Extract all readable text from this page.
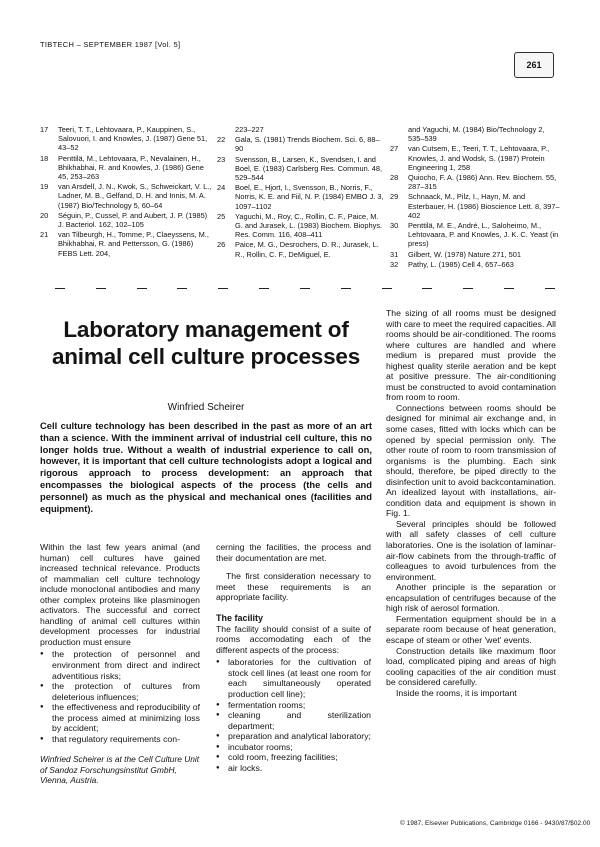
TIBTECH – SEPTEMBER 1987 [Vol. 5]
261
17	Teeri, T. T., Lehtovaara, P., Kauppinen, S., Salovuori, I. and Knowles, J. (1987) Gene 51, 43–52
18	Penttilä, M., Lehtovaara, P., Nevalainen, H., Bhikhabhai, R. and Knowles, J. (1986) Gene 45, 253–263
19	van Arsdell, J. N., Kwok, S., Schweickart, V. L., Ladner, M. B., Gelfand, D. H. and Innis, M. A. (1987) Bio/Technology 5, 60–64
20	Séguin, P., Cussel, P. and Aubert, J. P. (1985) J. Bacteriol. 162, 102–105
21	van Tilbeurgh, H., Tomme, P., Claeyssens, M., Bhikhabhai, R. and Pettersson, G. (1986) FEBS Lett. 204,
223–227
22	Gala, S. (1981) Trends Biochem. Sci. 6, 88–90
23	Svensson, B., Larsen, K., Svendsen, I. and Boel, E. (1983) Carlsberg Res. Commun. 48, 529–544
24	Boel, E., Hjort, I., Svensson, B., Norris, F., Norris, K. E. and Fiil, N. P. (1984) EMBO J. 3, 1097–1102
25	Yaguchi, M., Roy, C., Rollin, C. F., Paice, M. G. and Jurasek, L. (1983) Biochem. Biophys. Res. Comm. 116, 408–411
26	Paice, M. G., Desrochers, D. R., Jurasek, L. R., Rollin, C. F., DeMiguel, E.
and Yaguchi, M. (1984) Bio/Technology 2, 535–539
27	van Cutsem, E., Teeri, T. T., Lehtovaara, P., Knowles, J. and Wodsk, S. (1987) Protein Engineering 1, 258
28	Quiocho, F. A. (1986) Ann. Rev. Biochem. 55, 287–315
29	Schnaack, M., Pilz, I., Hayn, M. and Esterbauer, H. (1986) Bioscience Lett. 8, 397–402
30	Penttilä, M. E., André, L., Saloheimo, M., Lehtovaara, P. and Knowles, J. K. C. Yeast (in press)
31	Gilbert, W. (1978) Nature 271, 501
32	Pathy, L. (1985) Cell 4, 657–663
Laboratory management of animal cell culture processes
Winfried Scheirer

Cell culture technology has been described in the past as more of an art than a science. With the imminent arrival of industrial cell culture, this no longer holds true. Without a wealth of industrial experience to call on, however, it is important that cell culture technologists adopt a logical and rigorous approach to process development: an approach that encompasses the biological aspects of the process (the cells and personnel) as much as the physical and mechanical ones (facilities and equipment).

Within the last few years animal (and human) cell cultures have gained increased technical relevance. Products of mammalian cell culture technology include monoclonal antibodies and many other complex proteins like plasminogen activators. The successful and correct handling of animal cell cultures within development processes for industrial production must ensure

● the protection of personnel and environment from direct and indirect adventitious risks;
● the protection of cultures from deleterious influences;
● the effectiveness and reproducibility of the process aimed at minimizing loss by accident;
● that regulatory requirements con-
Winfried Scheirer is at the Cell Culture Unit of Sandoz Forschungsinstitut GmbH, Vienna, Austria.

cerning the facilities, the process and their documentation are met.

The first consideration necessary to meet these requirements is an appropriate facility.

The facility

The facility should consist of a suite of rooms accomodating each of the different aspects of the process:

● laboratories for the cultivation of stock cell lines (at least one room for each simultaneously operated production cell line);
● fermentation rooms;
● cleaning and sterilization department;
● preparation and analytical laboratory;
● incubator rooms;
● cold room, freezing facilities;
● air locks.

The sizing of all rooms must be designed with care to meet the required capacities. All rooms should be air-conditioned. The rooms where cultures are handled and where medium is prepared must provide the highest quality sterile aeration and be kept at positive pressure. The air-conditioning must be constructed to avoid contamination from room to room.

Connections between rooms should be designed for minimal air exchange and, in some cases, fitted with locks which can be opened by special permission only. The other route of room to room transmission of organisms is the plumbing. Each sink should, therefore, be piped directly to the disinfection unit to avoid backcontamination. An idealized layout with installations, air-condition data and equipment is shown in Fig. 1.

Several principles should be followed with all safety classes of cell culture laboratories. One is the isolation of laminar-air-flow cabinets from the through-traffic of colleagues to avoid turbulences from the environment.

Another principle is the separation or encapsulation of centrifuges because of the high risk of aerosol formation.

Fermentation equipment should be in a separate room because of heat generation, escape of steam or other 'wet' events.

Construction details like maximum floor load, complicated piping and areas of high cooling capacities of the air condition must be considered carefully.

Inside the rooms, it is important

© 1987, Elsevier Publications, Cambridge 0166 - 9430/87/$02.00
